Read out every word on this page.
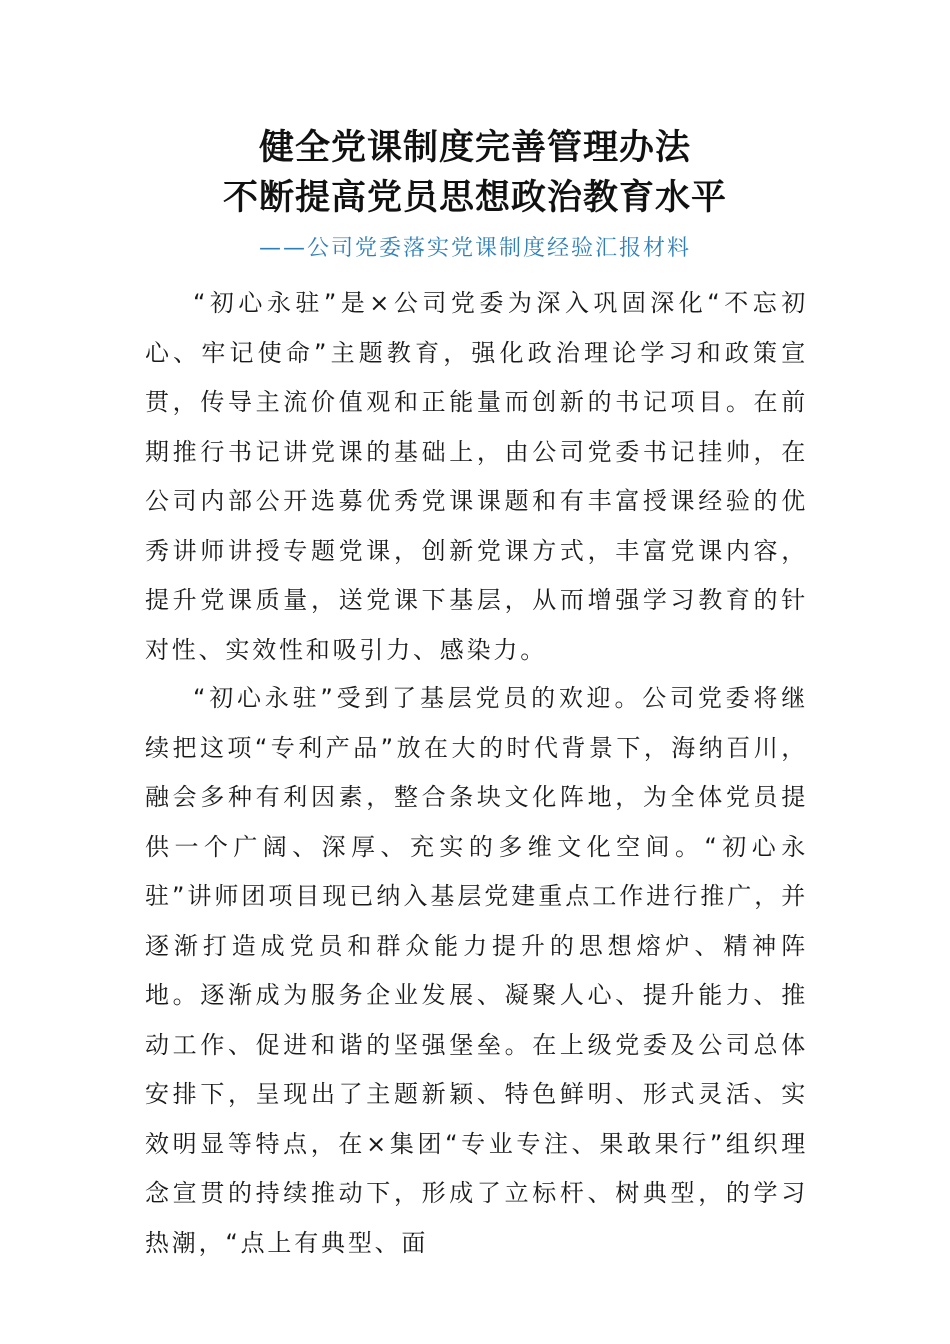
健全党课制度完善管理办法
不断提高党员思想政治教育水平
——公司党委落实党课制度经验汇报材料

“初心永驻”是×公司党委为深入巩固深化“不忘初心、牢记使命”主题教育，强化政治理论学习和政策宣贯，传导主流价值观和正能量而创新的书记项目。在前期推行书记讲党课的基础上，由公司党委书记挂帅，在公司内部公开选募优秀党课课题和有丰富授课经验的优秀讲师讲授专题党课，创新党课方式，丰富党课内容，提升党课质量，送党课下基层，从而增强学习教育的针对性、实效性和吸引力、感染力。

“初心永驻”受到了基层党员的欢迎。公司党委将继续把这项“专利产品”放在大的时代背景下，海纳百川，融会多种有利因素，整合条块文化阵地，为全体党员提供一个广阔、深厚、充实的多维文化空间。“初心永驻”讲师团项目现已纳入基层党建重点工作进行推广，并逐渐打造成党员和群众能力提升的思想熔炉、精神阵地。逐渐成为服务企业发展、凝聚人心、提升能力、推动工作、促进和谐的坚强堡垒。在上级党委及公司总体安排下，呈现出了主题新颖、特色鲜明、形式灵活、实效明显等特点，在×集团“专业专注、果敢果行”组织理念宣贯的持续推动下，形成了立标杆、树典型，的学习热潮，“点上有典型、面
